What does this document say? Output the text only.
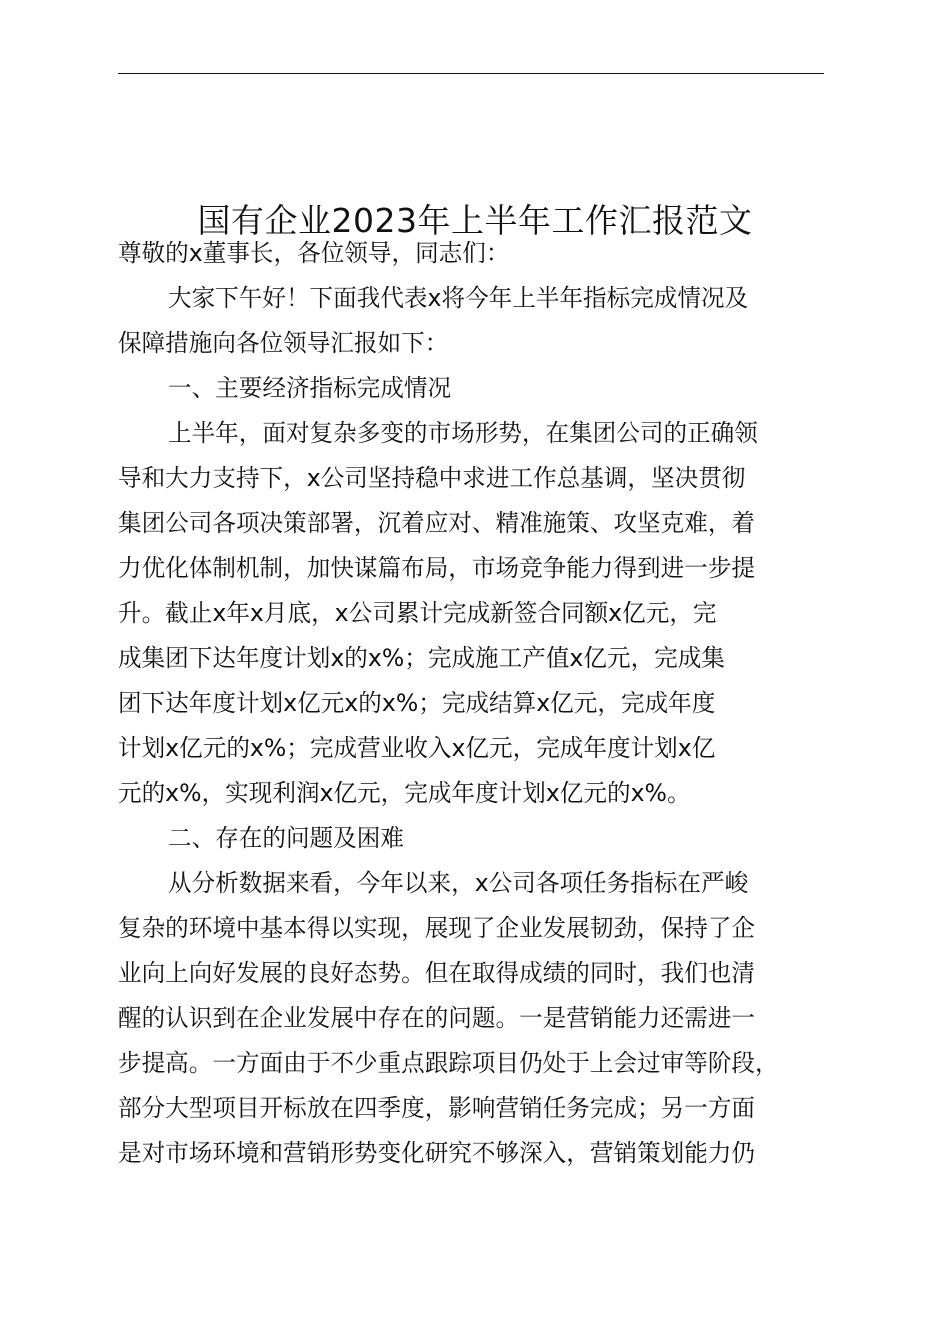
国有企业2023年上半年工作汇报范文
尊敬的x董事长，各位领导，同志们：
大家下午好！下面我代表x将今年上半年指标完成情况及
保障措施向各位领导汇报如下：
一、主要经济指标完成情况
上半年，面对复杂多变的市场形势，在集团公司的正确领
导和大力支持下，x公司坚持稳中求进工作总基调，坚决贯彻
集团公司各项决策部署，沉着应对、精准施策、攻坚克难，着
力优化体制机制，加快谋篇布局，市场竞争能力得到进一步提
升。截止x年x月底，x公司累计完成新签合同额x亿元，完
成集团下达年度计划x的x%；完成施工产值x亿元，完成集
团下达年度计划x亿元x的x%；完成结算x亿元，完成年度
计划x亿元的x%；完成营业收入x亿元，完成年度计划x亿
元的x%，实现利润x亿元，完成年度计划x亿元的x%。
二、存在的问题及困难
从分析数据来看，今年以来，x公司各项任务指标在严峻
复杂的环境中基本得以实现，展现了企业发展韧劲，保持了企
业向上向好发展的良好态势。但在取得成绩的同时，我们也清
醒的认识到在企业发展中存在的问题。一是营销能力还需进一
步提高。一方面由于不少重点跟踪项目仍处于上会过审等阶段，
部分大型项目开标放在四季度，影响营销任务完成；另一方面
是对市场环境和营销形势变化研究不够深入，营销策划能力仍
